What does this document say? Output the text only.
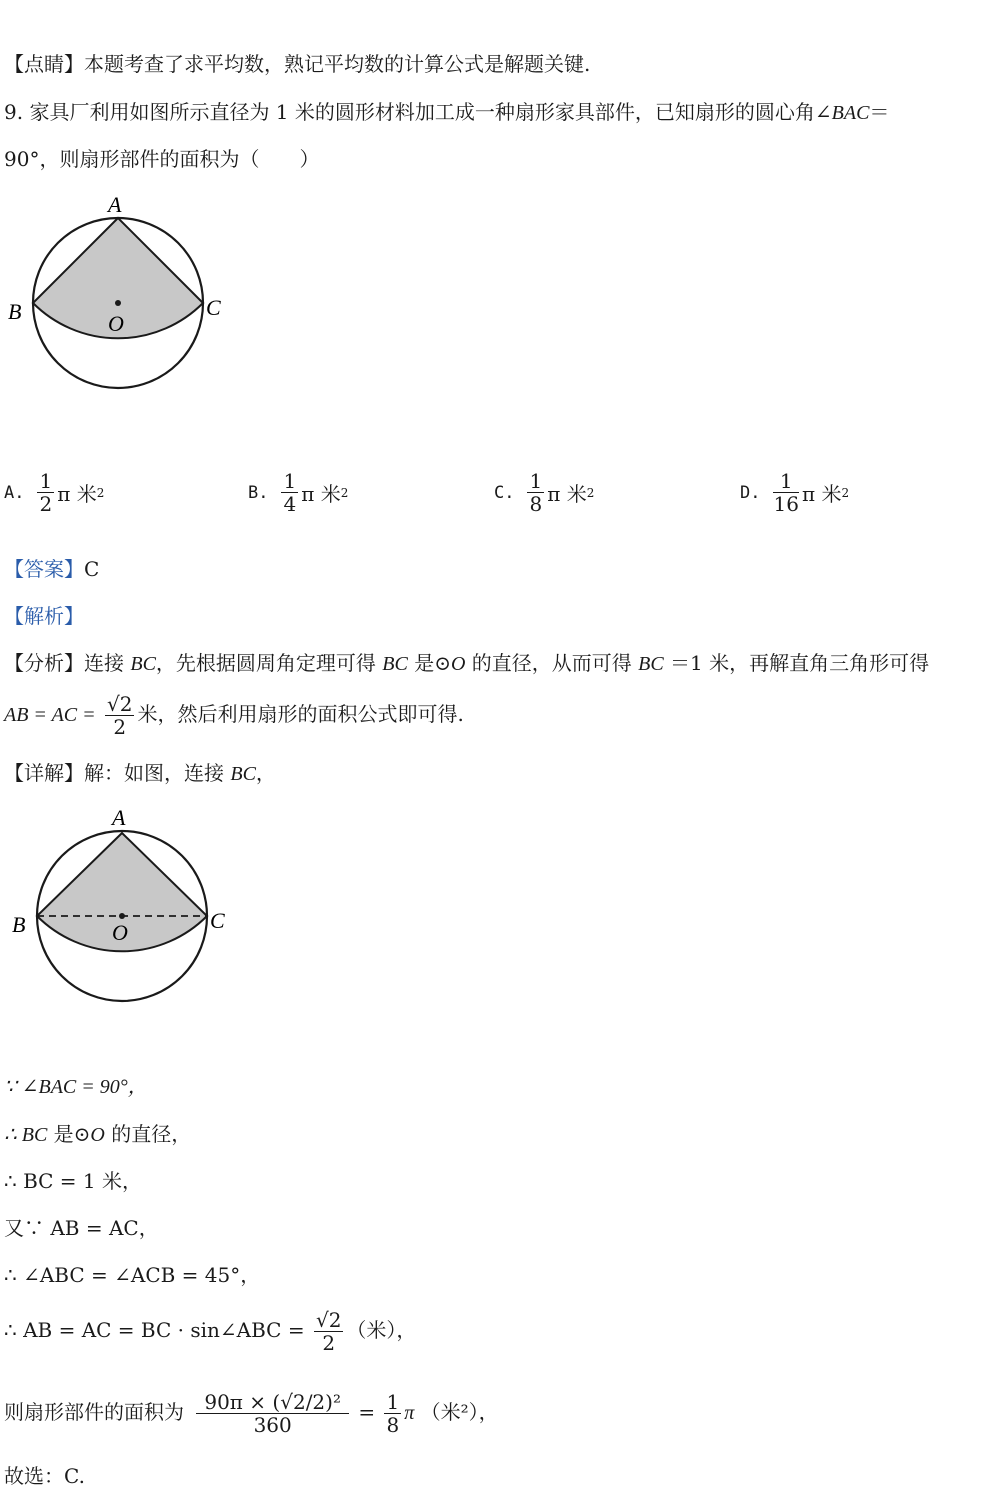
【点睛】本题考查了求平均数，熟记平均数的计算公式是解题关键.
9. 家具厂利用如图所示直径为 1 米的圆形材料加工成一种扇形家具部件，已知扇形的圆心角∠BAC＝
90°，则扇形部件的面积为（　　）
A
B	C
O
A. $\frac{1}{2}$ π 米 2	B. $\frac{1}{4}$ π 米 2	C. $\frac{1}{8}$ π 米 2	D. $\frac{1}{16}$ π 米 2
【答案】C
【解析】
【分析】连接 BC，先根据圆周角定理可得 BC 是⊙O 的直径，从而可得 BC ＝1 米，再解直角三角形可得
AB = AC = $\frac{√2}{2}$ 米，然后利用扇形的面积公式即可得.
【详解】解：如图，连接 BC，
A
B	C
O
∵ ∠BAC = 90°，
∴ BC 是⊙O 的直径，
∴ BC = 1 米，
又∵ AB = AC，
∴ ∠ABC = ∠ACB = 45°，
∴ AB = AC = BC · sin∠ABC = $\frac{√2}{2}$ （米），
则扇形部件的面积为 $\frac{\text{90π × (√2/2)²}}{360} = \frac{1}{8}$ π （米²），
故选：C.
